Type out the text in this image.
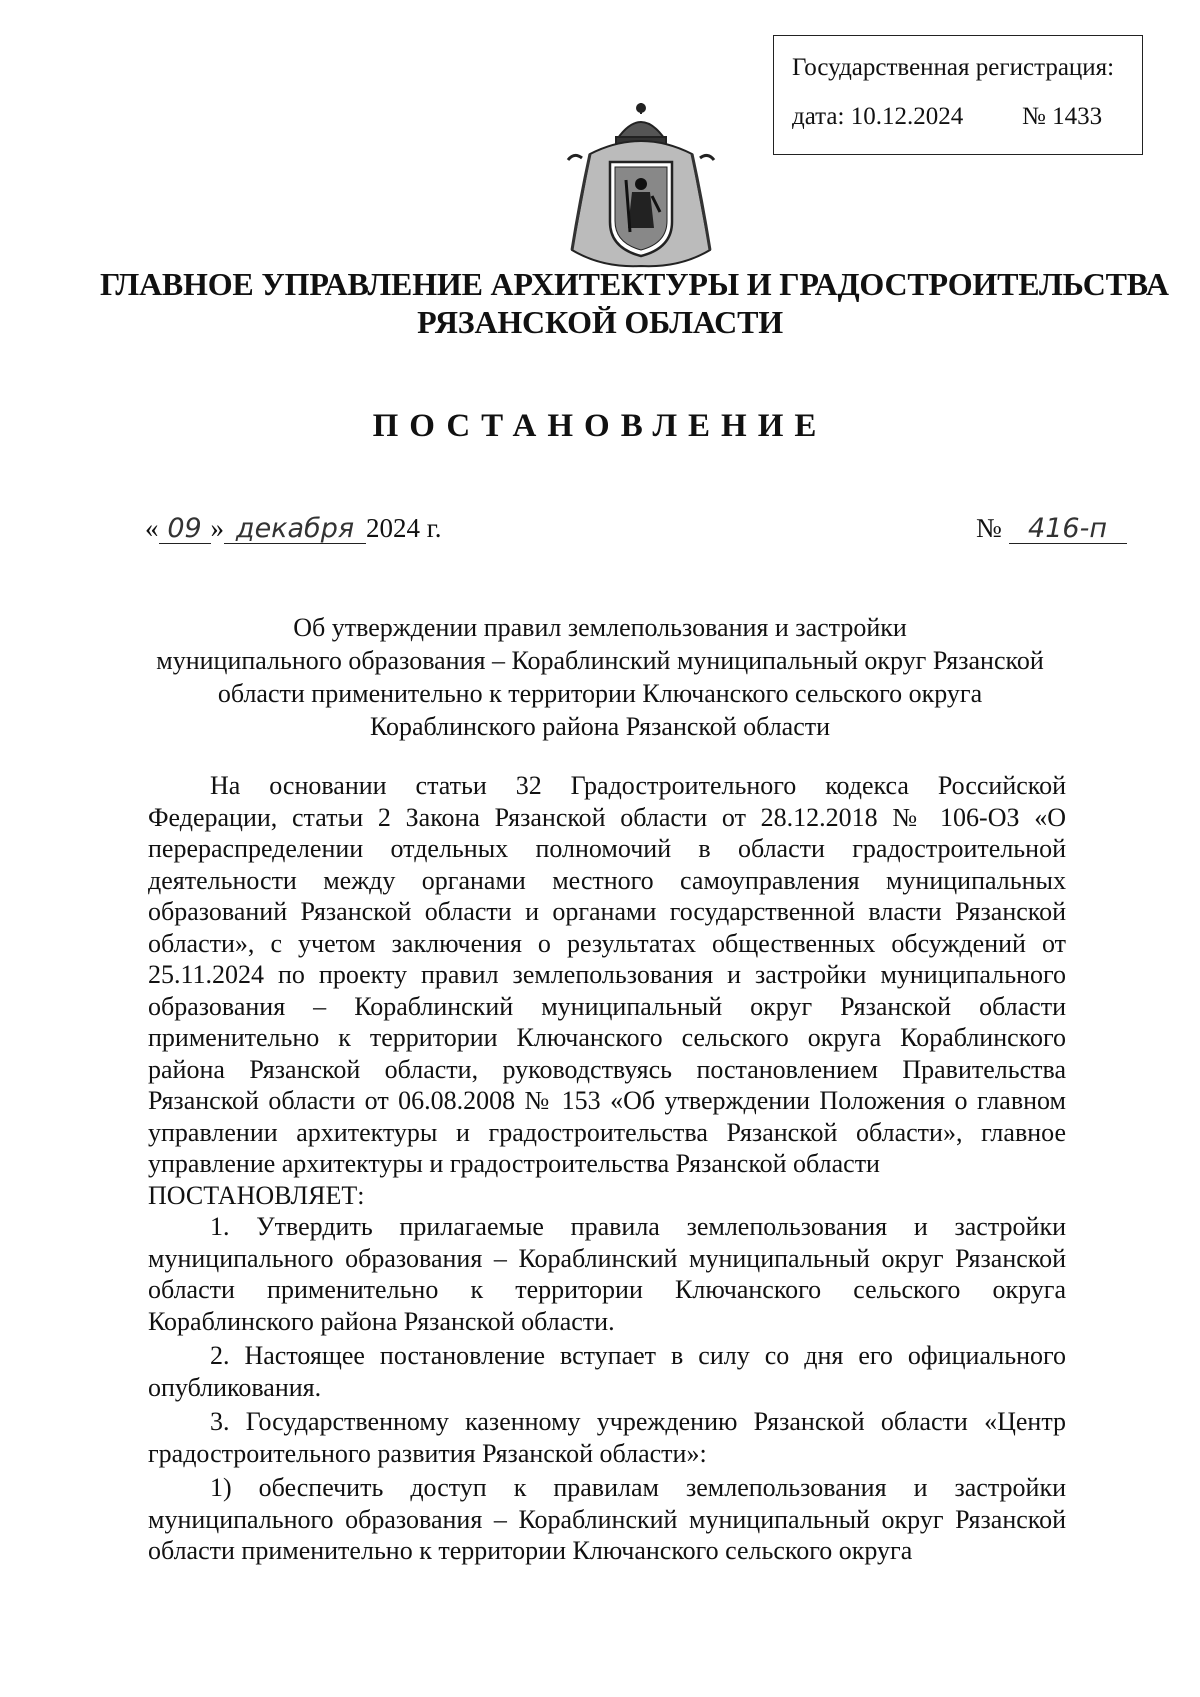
Государственная регистрация:
дата: 10.12.2024 № 1433
ГЛАВНОЕ УПРАВЛЕНИЕ АРХИТЕКТУРЫ И ГРАДОСТРОИТЕЛЬСТВА
РЯЗАНСКОЙ ОБЛАСТИ
ПОСТАНОВЛЕНИЕ
« 09 » декабря 2024 г.	№ 416-п
Об утверждении правил землепользования и застройки
муниципального образования – Кораблинский муниципальный округ Рязанской
области применительно к территории Ключанского сельского округа
Кораблинского района Рязанской области

На основании статьи 32 Градостроительного кодекса Российской Федерации, статьи 2 Закона Рязанской области от 28.12.2018 № 106-ОЗ «О перераспределении отдельных полномочий в области градостроительной деятельности между органами местного самоуправления муниципальных образований Рязанской области и органами государственной власти Рязанской области», с учетом заключения о результатах общественных обсуждений от 25.11.2024 по проекту правил землепользования и застройки муниципального образования – Кораблинский муниципальный округ Рязанской области применительно к территории Ключанского сельского округа Кораблинского района Рязанской области, руководствуясь постановлением Правительства Рязанской области от 06.08.2008 № 153 «Об утверждении Положения о главном управлении архитектуры и градостроительства Рязанской области», главное управление архитектуры и градостроительства Рязанской области

ПОСТАНОВЛЯЕТ:

1. Утвердить прилагаемые правила землепользования и застройки муниципального образования – Кораблинский муниципальный округ Рязанской области применительно к территории Ключанского сельского округа Кораблинского района Рязанской области.

2. Настоящее постановление вступает в силу со дня его официального опубликования.

3. Государственному казенному учреждению Рязанской области «Центр градостроительного развития Рязанской области»:

1) обеспечить доступ к правилам землепользования и застройки муниципального образования – Кораблинский муниципальный округ Рязанской области применительно к территории Ключанского сельского округа
